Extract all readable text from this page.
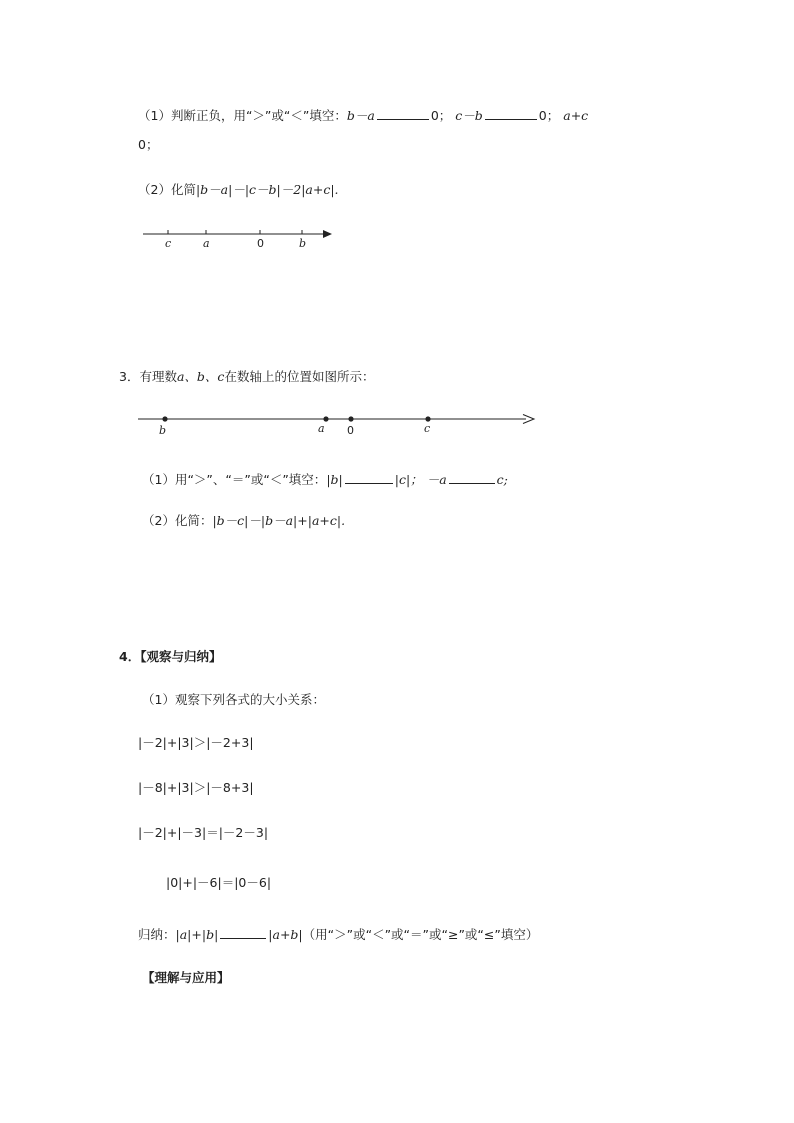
（1）判断正负，用“＞”或“＜”填空：b－a	0； c－b	0； a+c
0；
（2）化简|b－a|－|c－b|－2|a+c|.
c	a	0	b
b	a 0	c
3．有理数a、b、c在数轴上的位置如图所示：
（1）用“＞”、“＝”或“＜”填空：|b|	|c|； －a	c;
（2）化简：|b－c|－|b－a|+|a+c|.
4．【观察与归纳】
（1）观察下列各式的大小关系：
|－2|+|3|＞|－2+3|
|－8|+|3|＞|－8+3|
|－2|+|－3|＝|－2－3|
|0|+|－6|＝|0－6|
归纳：|a|+|b|	|a+b|（用“＞”或“＜”或“＝”或“≥”或“≤”填空）
【理解与应用】
